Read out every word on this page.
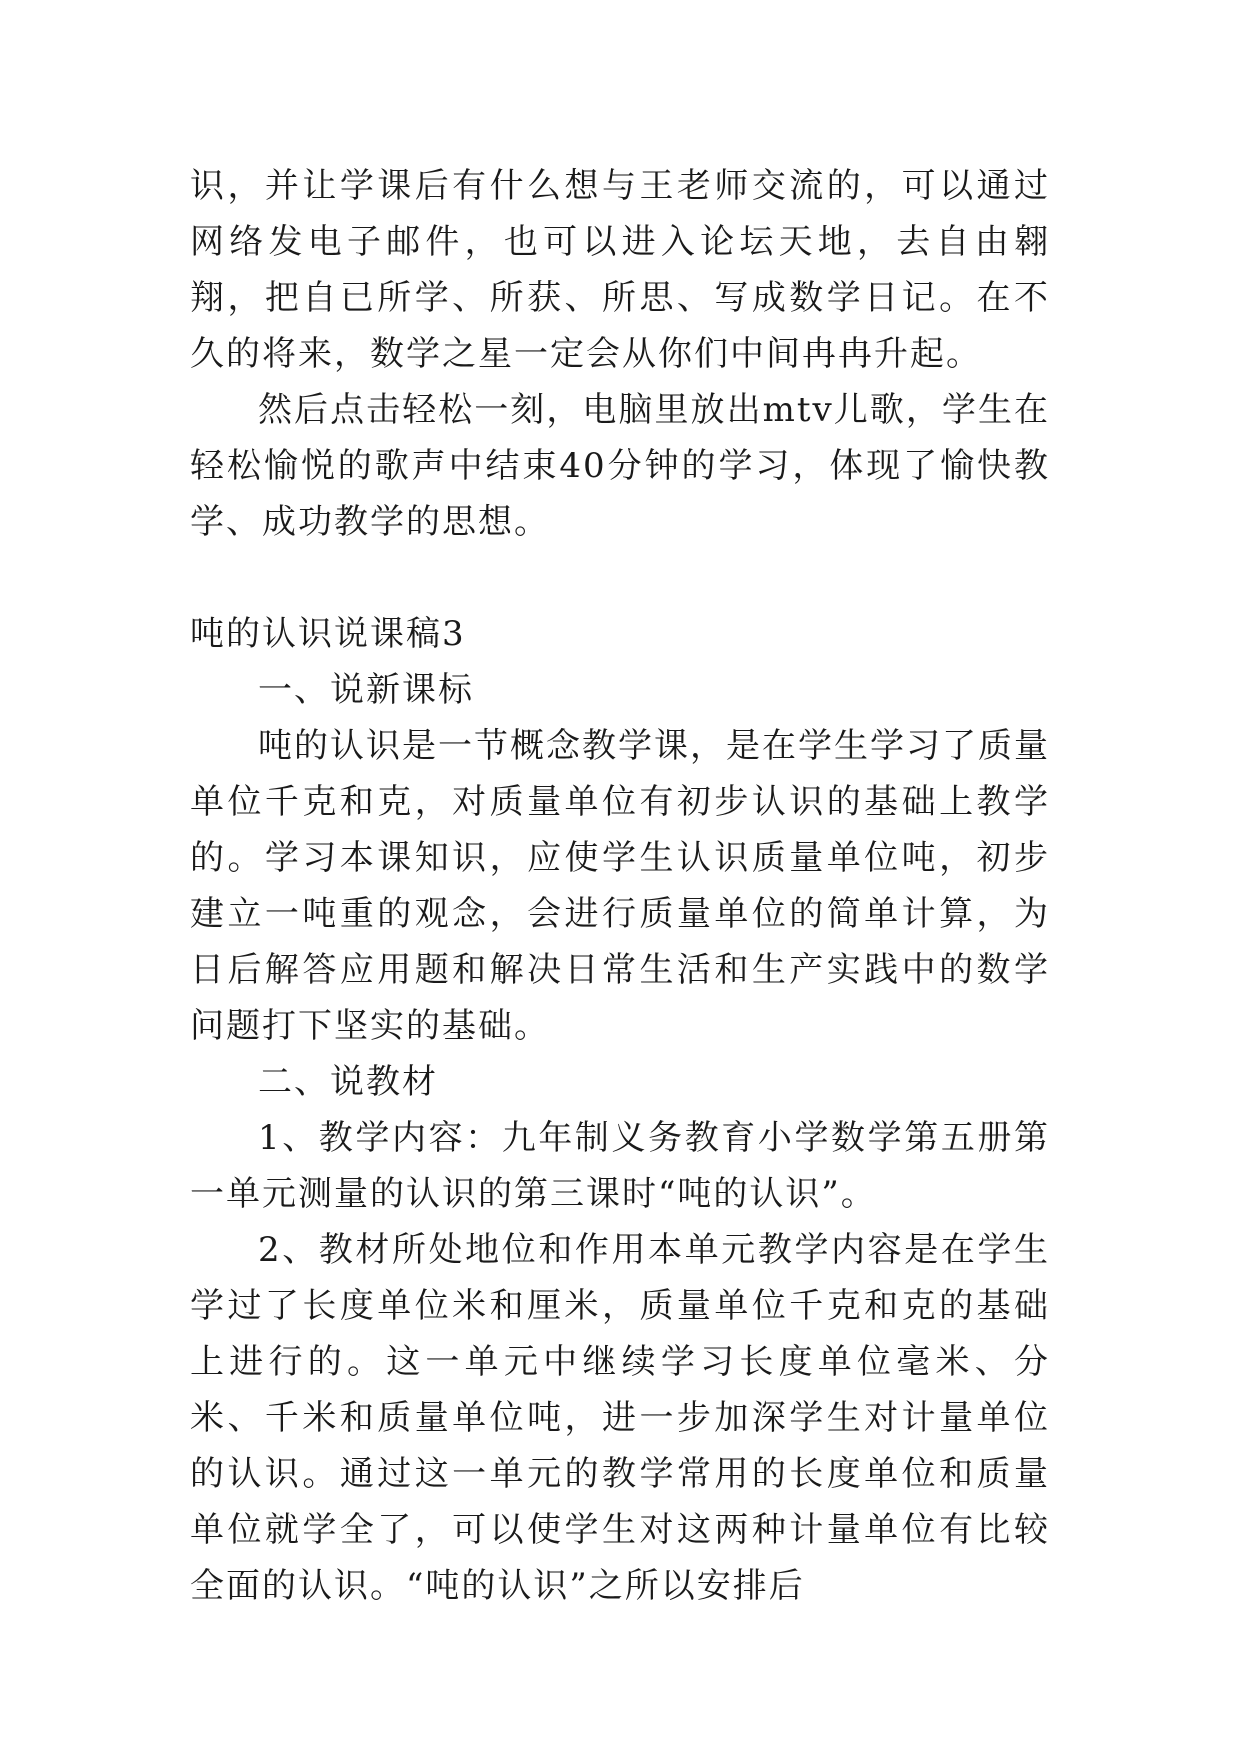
识，并让学课后有什么想与王老师交流的，可以通过网络发电子邮件，也可以进入论坛天地，去自由翱翔，把自已所学、所获、所思、写成数学日记。在不久的将来，数学之星一定会从你们中间冉冉升起。

然后点击轻松一刻，电脑里放出mtv儿歌，学生在轻松愉悦的歌声中结束40分钟的学习，体现了愉快教学、成功教学的思想。

吨的认识说课稿3

一、说新课标

吨的认识是一节概念教学课，是在学生学习了质量单位千克和克，对质量单位有初步认识的基础上教学的。学习本课知识，应使学生认识质量单位吨，初步建立一吨重的观念，会进行质量单位的简单计算，为日后解答应用题和解决日常生活和生产实践中的数学问题打下坚实的基础。

二、说教材

1、教学内容：九年制义务教育小学数学第五册第一单元测量的认识的第三课时“吨的认识”。

2、教材所处地位和作用本单元教学内容是在学生学过了长度单位米和厘米，质量单位千克和克的基础上进行的。这一单元中继续学习长度单位毫米、分米、千米和质量单位吨，进一步加深学生对计量单位的认识。通过这一单元的教学常用的长度单位和质量单位就学全了，可以使学生对这两种计量单位有比较全面的认识。“吨的认识”之所以安排后
